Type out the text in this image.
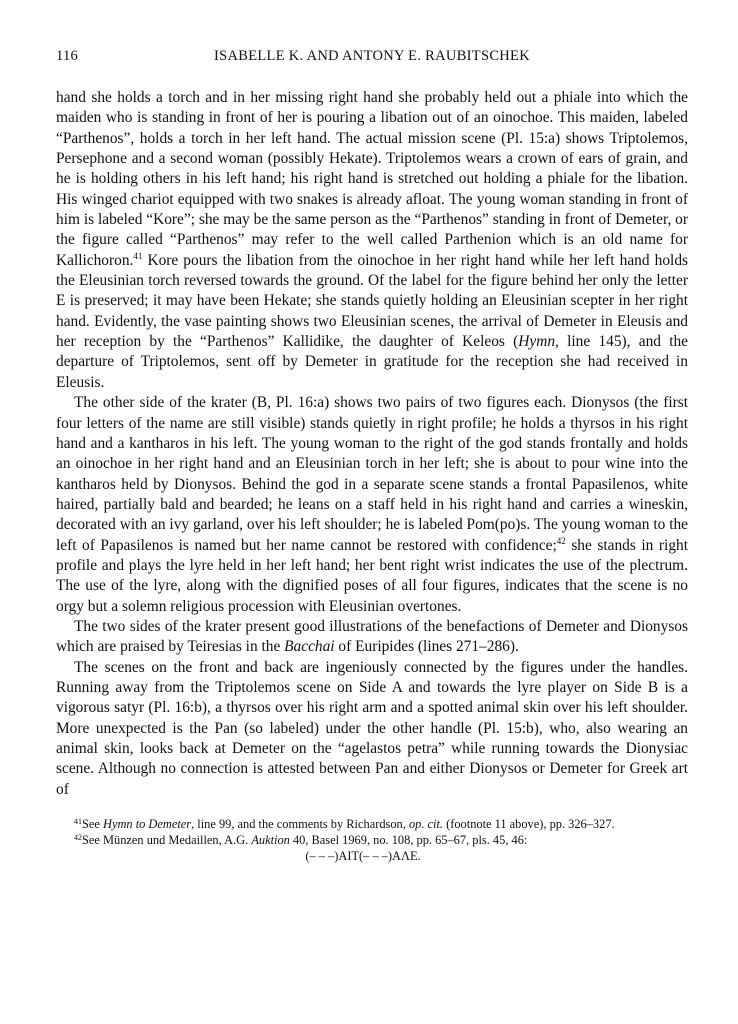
116	ISABELLE K. AND ANTONY E. RAUBITSCHEK

hand she holds a torch and in her missing right hand she probably held out a phiale into which the maiden who is standing in front of her is pouring a libation out of an oinochoe. This maiden, labeled “Parthenos”, holds a torch in her left hand. The actual mission scene (Pl. 15:a) shows Triptolemos, Persephone and a second woman (possibly Hekate). Triptolemos wears a crown of ears of grain, and he is holding others in his left hand; his right hand is stretched out holding a phiale for the libation. His winged chariot equipped with two snakes is already afloat. The young woman standing in front of him is labeled “Kore”; she may be the same person as the “Parthenos” standing in front of Demeter, or the figure called “Parthenos” may refer to the well called Parthenion which is an old name for Kallichoron.$^{41}$ Kore pours the libation from the oinochoe in her right hand while her left hand holds the Eleusinian torch reversed towards the ground. Of the label for the figure behind her only the letter E is preserved; it may have been Hekate; she stands quietly holding an Eleusinian scepter in her right hand. Evidently, the vase painting shows two Eleusinian scenes, the arrival of Demeter in Eleusis and her reception by the “Parthenos” Kallidike, the daughter of Keleos (Hymn, line 145), and the departure of Triptolemos, sent off by Demeter in gratitude for the reception she had received in Eleusis.

The other side of the krater (B, Pl. 16:a) shows two pairs of two figures each. Dionysos (the first four letters of the name are still visible) stands quietly in right profile; he holds a thyrsos in his right hand and a kantharos in his left. The young woman to the right of the god stands frontally and holds an oinochoe in her right hand and an Eleusinian torch in her left; she is about to pour wine into the kantharos held by Dionysos. Behind the god in a separate scene stands a frontal Papasilenos, white haired, partially bald and bearded; he leans on a staff held in his right hand and carries a wineskin, decorated with an ivy garland, over his left shoulder; he is labeled Pom(po)s. The young woman to the left of Papasilenos is named but her name cannot be restored with confidence;$^{42}$ she stands in right profile and plays the lyre held in her left hand; her bent right wrist indicates the use of the plectrum. The use of the lyre, along with the dignified poses of all four figures, indicates that the scene is no orgy but a solemn religious procession with Eleusinian overtones.

The two sides of the krater present good illustrations of the benefactions of Demeter and Dionysos which are praised by Teiresias in the Bacchai of Euripides (lines 271–286).

The scenes on the front and back are ingeniously connected by the figures under the handles. Running away from the Triptolemos scene on Side A and towards the lyre player on Side B is a vigorous satyr (Pl. 16:b), a thyrsos over his right arm and a spotted animal skin over his left shoulder. More unexpected is the Pan (so labeled) under the other handle (Pl. 15:b), who, also wearing an animal skin, looks back at Demeter on the “agelastos petra” while running towards the Dionysiac scene. Although no connection is attested between Pan and either Dionysos or Demeter for Greek art of

$^{41}$See Hymn to Demeter, line 99, and the comments by Richardson, op. cit. (footnote 11 above), pp. 326–327.

$^{42}$See Münzen und Medaillen, A.G. Auktion 40, Basel 1969, no. 108, pp. 65–67, pls. 45, 46:

(– – –)AIT(– – –)AΛE.
